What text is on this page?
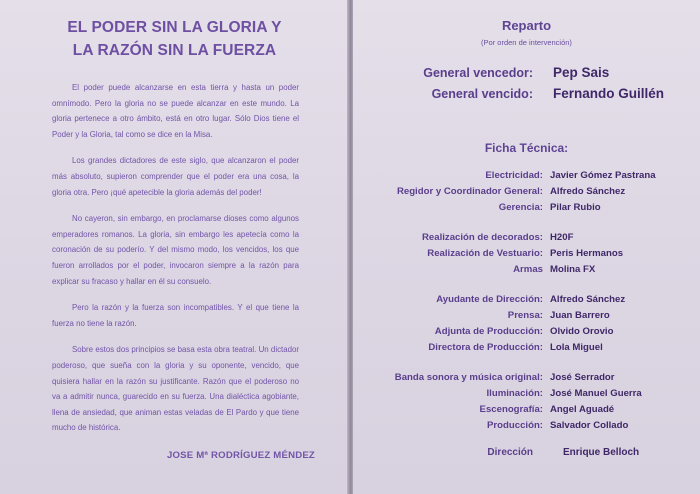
EL PODER SIN LA GLORIA Y
LA RAZÓN SIN LA FUERZA

El poder puede alcanzarse en esta tierra y hasta un poder omnímodo. Pero la gloria no se puede alcanzar en este mundo. La gloria pertenece a otro ámbito, está en otro lugar. Sólo Dios tiene el Poder y la Gloria, tal como se dice en la Misa.

Los grandes dictadores de este siglo, que alcanzaron el poder más absoluto, supieron comprender que el poder era una cosa, la gloria otra. Pero ¡qué apetecible la gloria además del poder!

No cayeron, sin embargo, en proclamarse dioses como algunos emperadores romanos. La gloria, sin embargo les apetecía como la coronación de su poderío. Y del mismo modo, los vencidos, los que fueron arrollados por el poder, invocaron siempre a la razón para explicar su fracaso y hallar en él su consuelo.

Pero la razón y la fuerza son incompatibles. Y el que tiene la fuerza no tiene la razón.

Sobre estos dos principios se basa esta obra teatral. Un dictador poderoso, que sueña con la gloria y su oponente, vencido, que quisiera hallar en la razón su justificante. Razón que el poderoso no va a admitir nunca, guarecido en su fuerza. Una dialéctica agobiante, llena de ansiedad, que animan estas veladas de El Pardo y que tiene mucho de histórica.

JOSE Mª RODRÍGUEZ MÉNDEZ
Reparto
(Por orden de intervención)
General vencedor: Pep Sais
General vencido: Fernando Guillén
Ficha Técnica:
Electricidad: Javier Gómez Pastrana
Regidor y Coordinador General: Alfredo Sánchez
Gerencia: Pilar Rubio
Realización de decorados: H20F
Realización de Vestuario: Peris Hermanos
Armas Molina FX
Ayudante de Dirección: Alfredo Sánchez
Prensa: Juan Barrero
Adjunta de Producción: Olvido Orovio
Directora de Producción: Lola Miguel
Banda sonora y música original: José Serrador
Iluminación: José Manuel Guerra
Escenografía: Angel Aguadé
Producción: Salvador Collado
Dirección	Enrique Belloch
